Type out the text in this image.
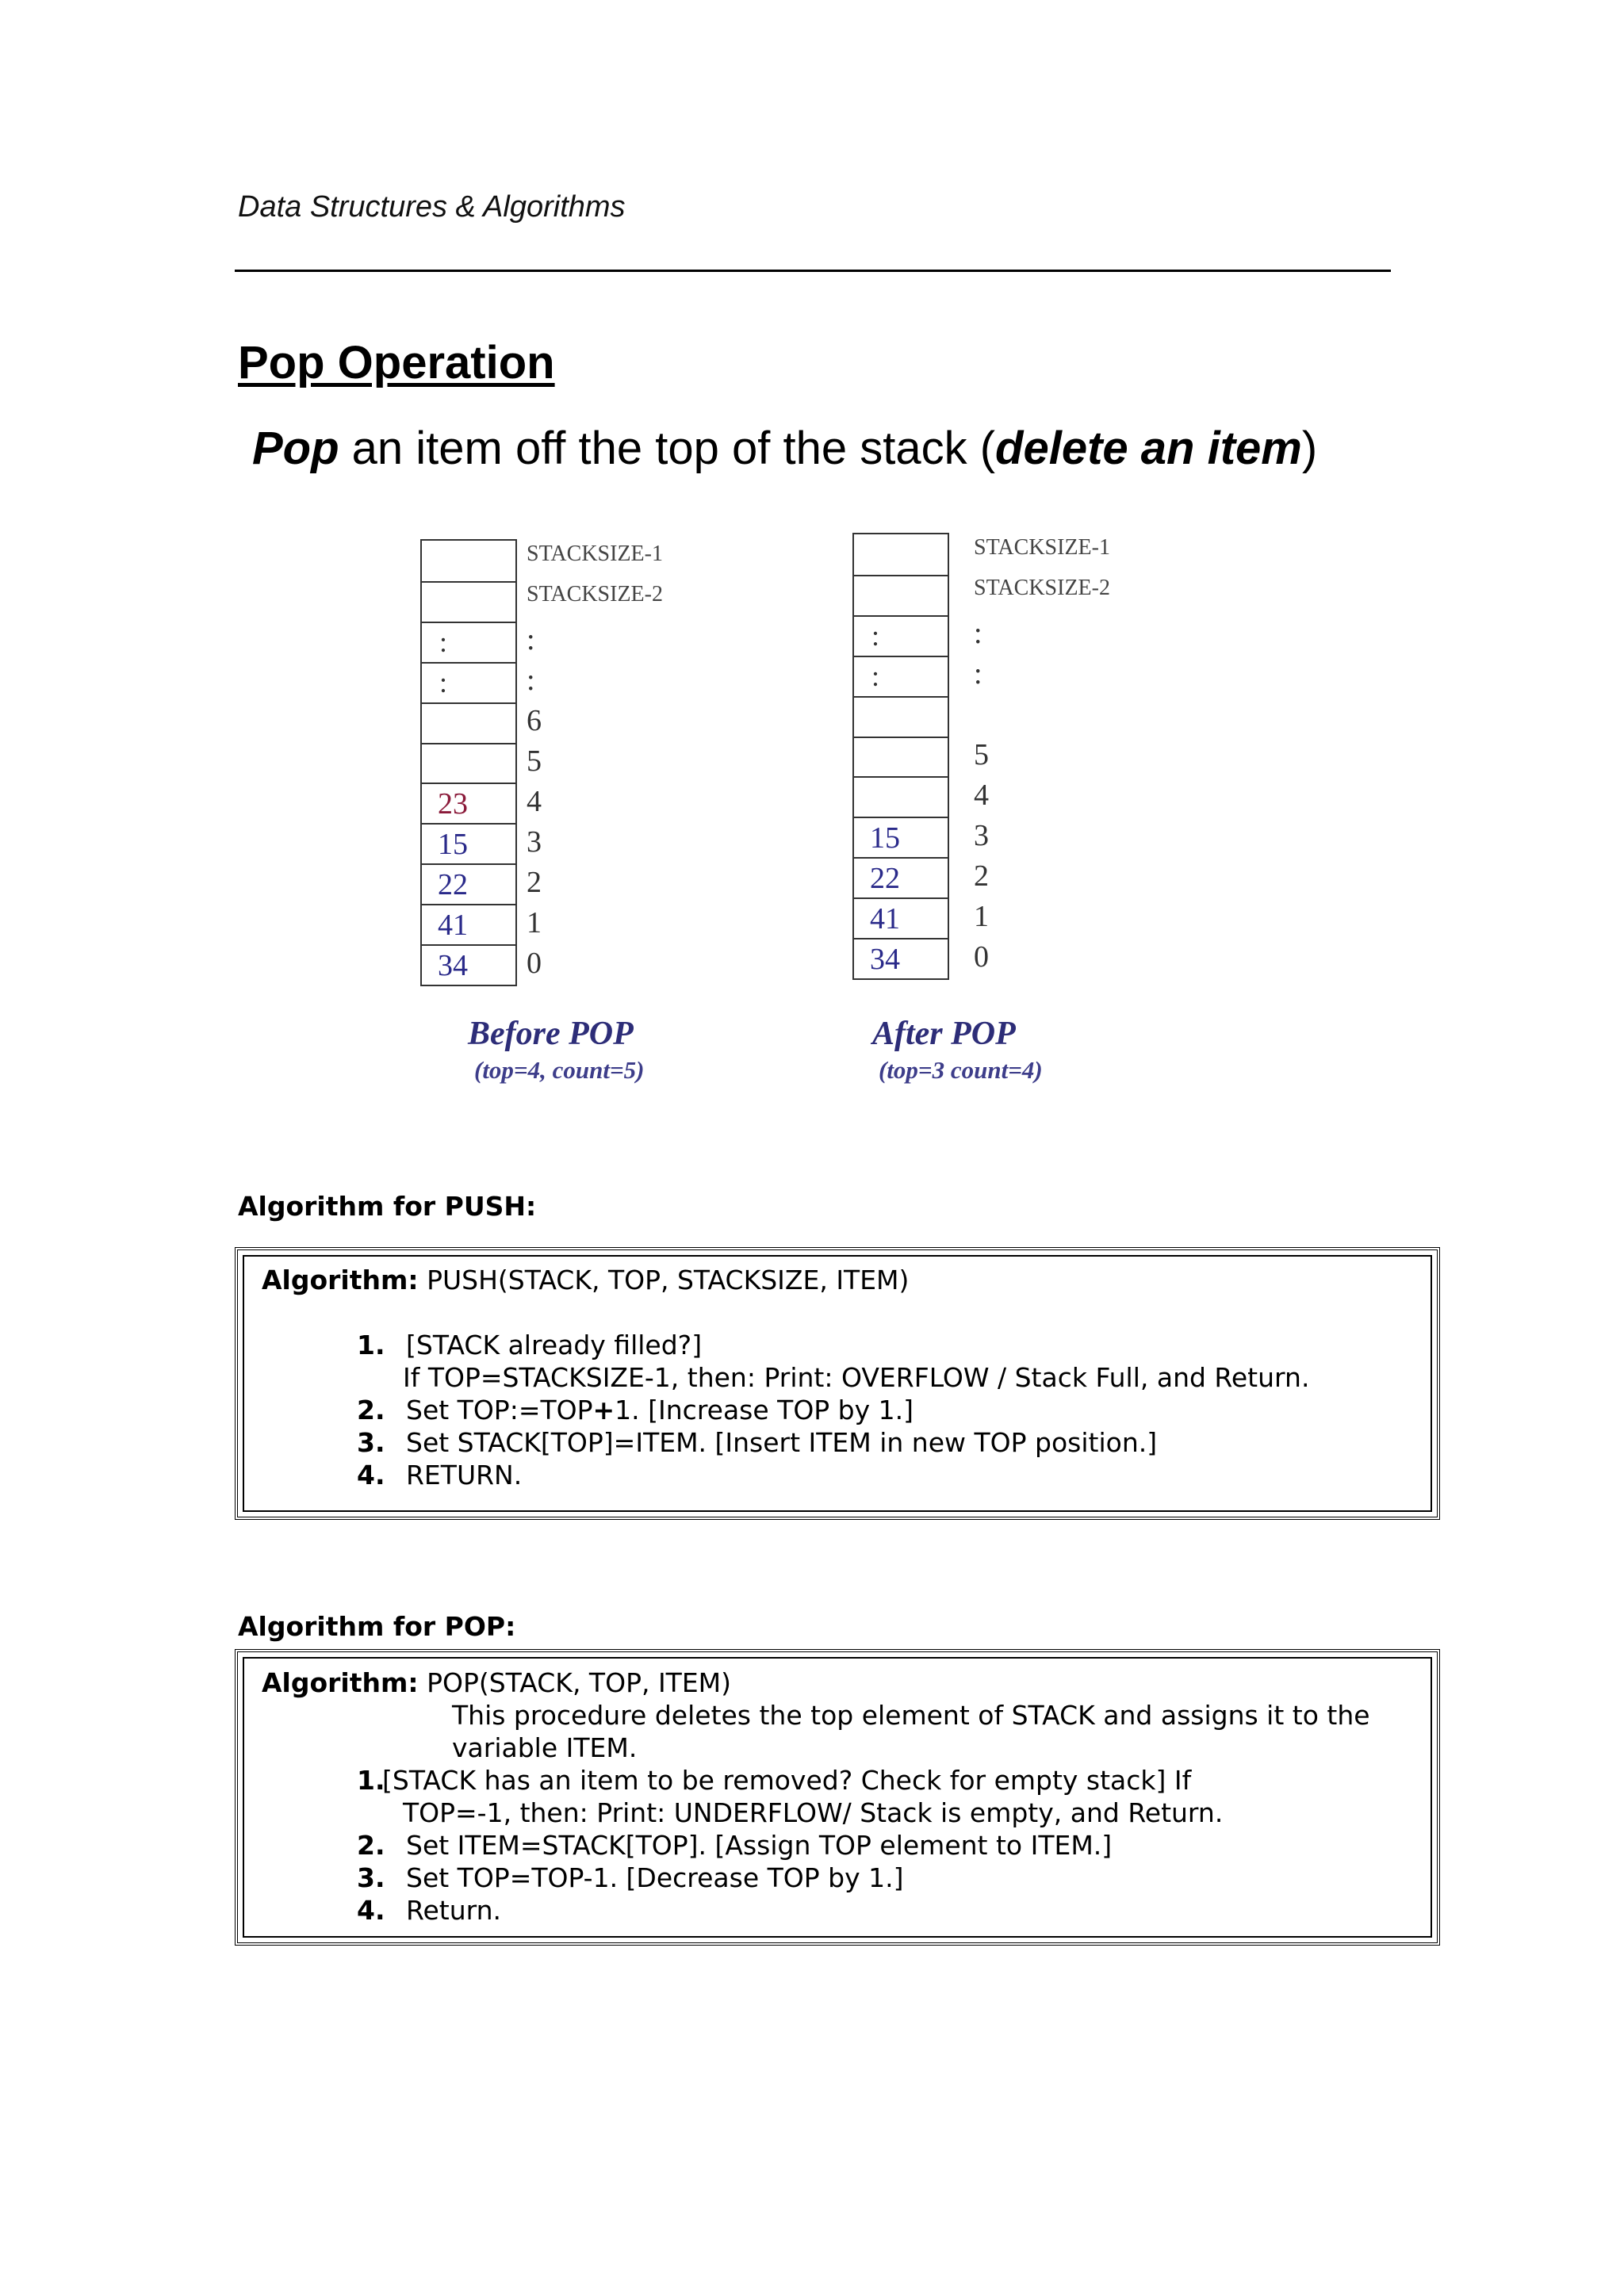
Data Structures & Algorithms
Pop Operation
Pop an item off the top of the stack (delete an item)
:
:
23
15
22
41
34
STACKSIZE-1
STACKSIZE-2
:
:
6
5
4
3
2
1
0
Before POP
(top=4, count=5)
:
:
15
22
41
34
STACKSIZE-1
STACKSIZE-2
:
:
5
4
3
2
1
0
After POP
(top=3 count=4)
Algorithm for PUSH:
Algorithm: PUSH(STACK, TOP, STACKSIZE, ITEM)
1. [STACK already filled?]
If TOP=STACKSIZE-1, then: Print: OVERFLOW / Stack Full, and Return.
2. Set TOP:=TOP+1. [Increase TOP by 1.]
3. Set STACK[TOP]=ITEM. [Insert ITEM in new TOP position.]
4. RETURN.
Algorithm for POP:
Algorithm: POP(STACK, TOP, ITEM)
This procedure deletes the top element of STACK and assigns it to the
variable ITEM.
1.
[STACK has an item to be removed? Check for empty stack] If
TOP=-1, then: Print: UNDERFLOW/ Stack is empty, and Return.
2. Set ITEM=STACK[TOP]. [Assign TOP element to ITEM.]
3. Set TOP=TOP-1. [Decrease TOP by 1.]
4. Return.
